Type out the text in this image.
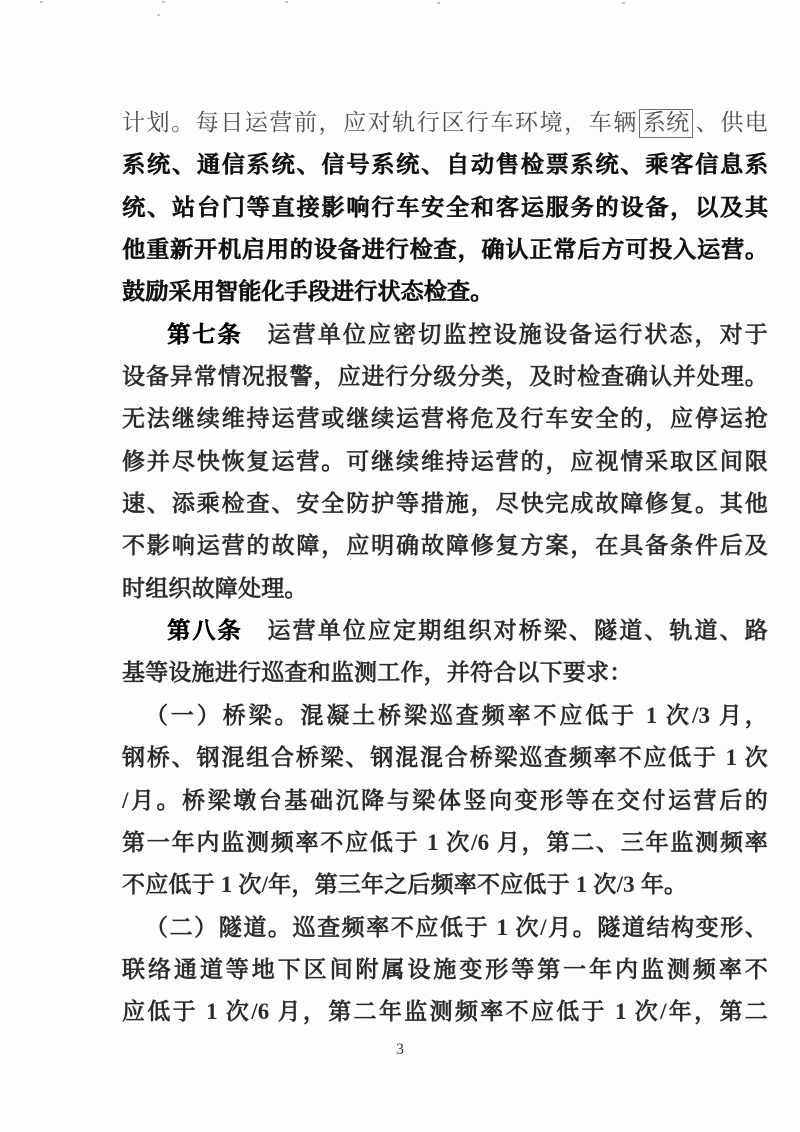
计划。每日运营前，应对轨行区行车环境，车辆 系统 、供电
系统、通信系统、信号系统、自动售检票系统、乘客信息系
统、站台门等直接影响行车安全和客运服务的设备，以及其
他重新开机启用的设备进行检查，确认正常后方可投入运营。
鼓励采用智能化手段进行状态检查。
第七条　运营单位应密切监控设施设备运行状态，对于
设备异常情况报警，应进行分级分类，及时检查确认并处理。
无法继续维持运营或继续运营将危及行车安全的，应停运抢
修并尽快恢复运营。可继续维持运营的，应视情采取区间限
速、添乘检查、安全防护等措施，尽快完成故障修复。其他
不影响运营的故障，应明确故障修复方案，在具备条件后及
时组织故障处理。
第八条　运营单位应定期组织对桥梁、隧道、轨道、路
基等设施进行巡查和监测工作，并符合以下要求：
（一）桥梁。混凝土桥梁巡查频率不应低于 1 次/3 月，
钢桥、钢混组合桥梁、钢混混合桥梁巡查频率不应低于 1 次
/月。桥梁墩台基础沉降与梁体竖向变形等在交付运营后的
第一年内监测频率不应低于 1 次/6 月，第二、三年监测频率
不应低于 1 次/年，第三年之后频率不应低于 1 次/3 年。
（二）隧道。巡查频率不应低于 1 次/月。隧道结构变形、
联络通道等地下区间附属设施变形等第一年内监测频率不
应低于 1 次/6 月，第二年监测频率不应低于 1 次/年，第二
3
